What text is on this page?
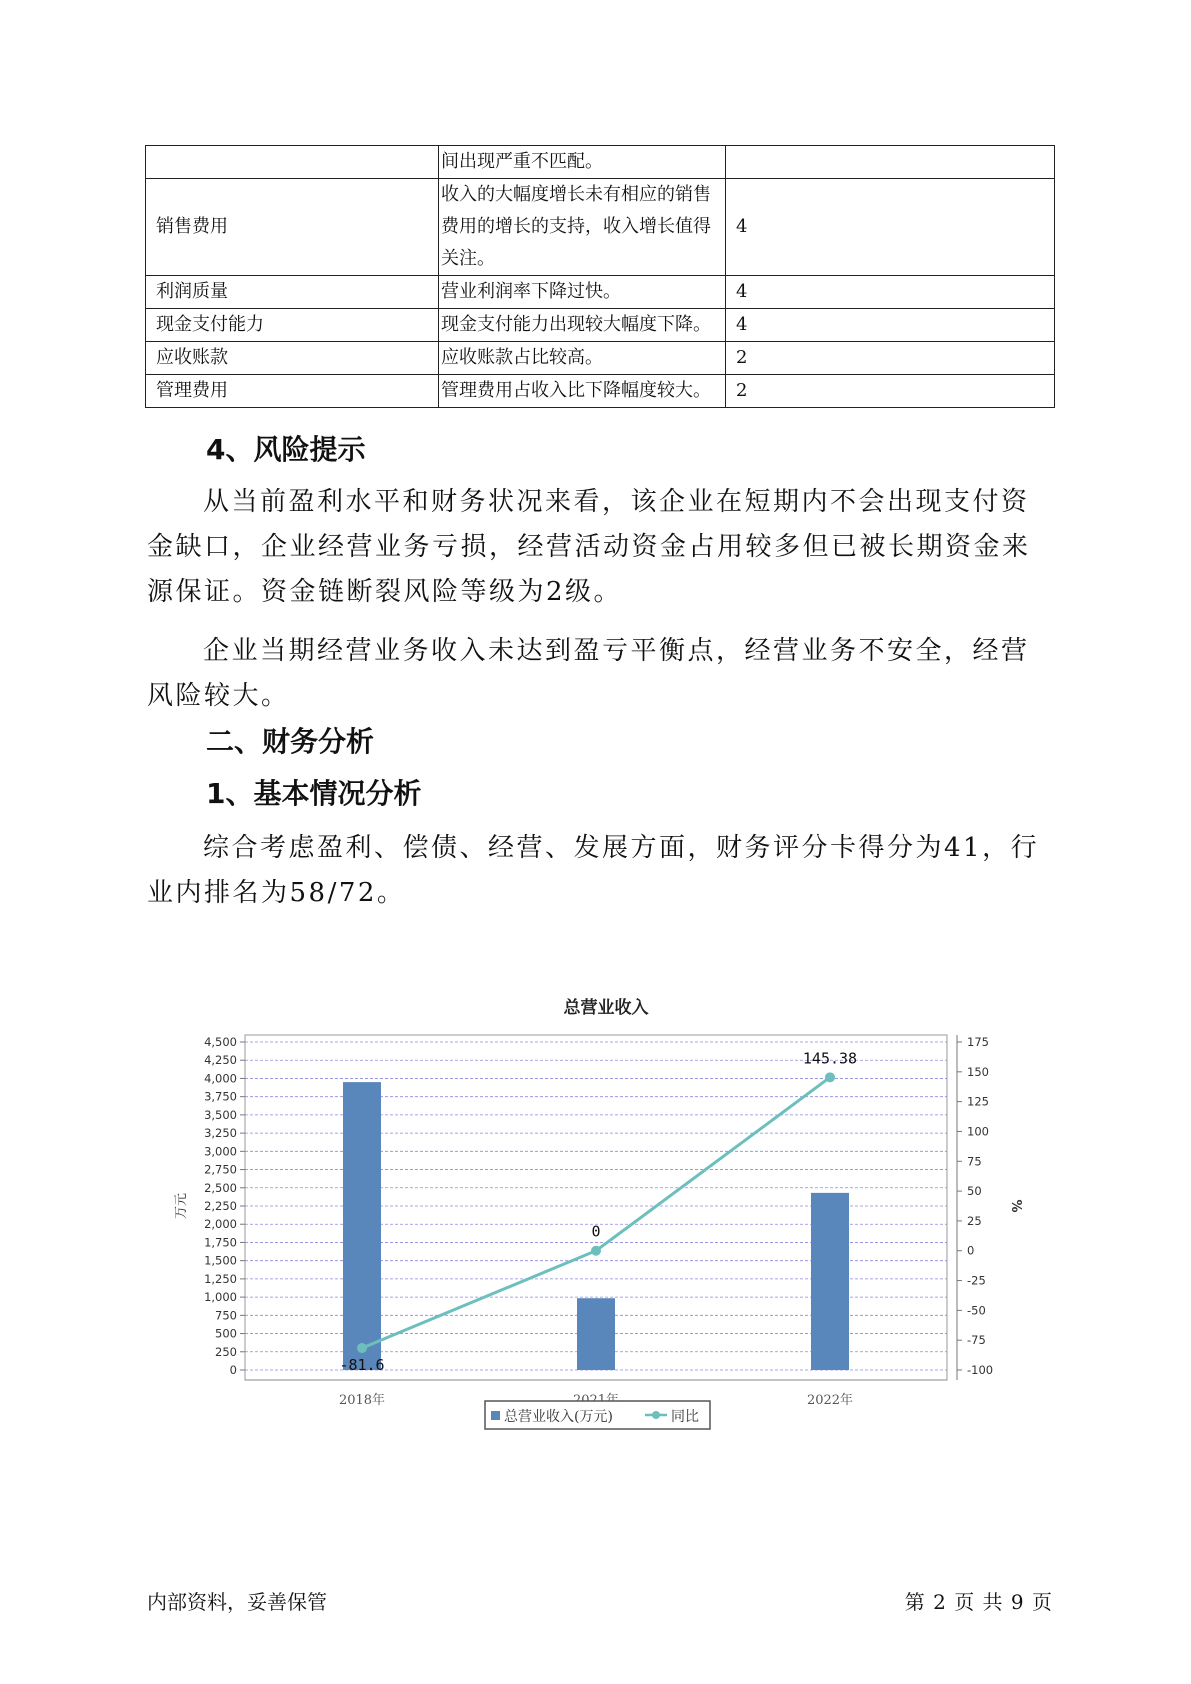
	间出现严重不匹配。	
销售费用	收入的大幅度增长未有相应的销售费用的增长的支持，收入增长值得关注。	4
利润质量	营业利润率下降过快。	4
现金支付能力	现金支付能力出现较大幅度下降。	4
应收账款	应收账款占比较高。	2
管理费用	管理费用占收入比下降幅度较大。	2
4、风险提示

从当前盈利水平和财务状况来看，该企业在短期内不会出现支付资金缺口，企业经营业务亏损，经营活动资金占用较多但已被长期资金来源保证。资金链断裂风险等级为2级。

企业当期经营业务收入未达到盈亏平衡点，经营业务不安全，经营风险较大。

二、财务分析
1、基本情况分析

综合考虑盈利、偿债、经营、发展方面，财务评分卡得分为41，行业内排名为58/72。

总营业收入
0
250
500
750
1,000
1,250
1,500
1,750
2,000
2,250
2,500
2,750
3,000
3,250
3,500
3,750
4,000
4,250
4,500
-100
-75
-50
-25
0
25
50
75
100
125
150
175
万元	%
2018年	2022年
-81.6
0
145.38
总营业收入(万元)	同比
内部资料，妥善保管	第 2 页 共 9 页
